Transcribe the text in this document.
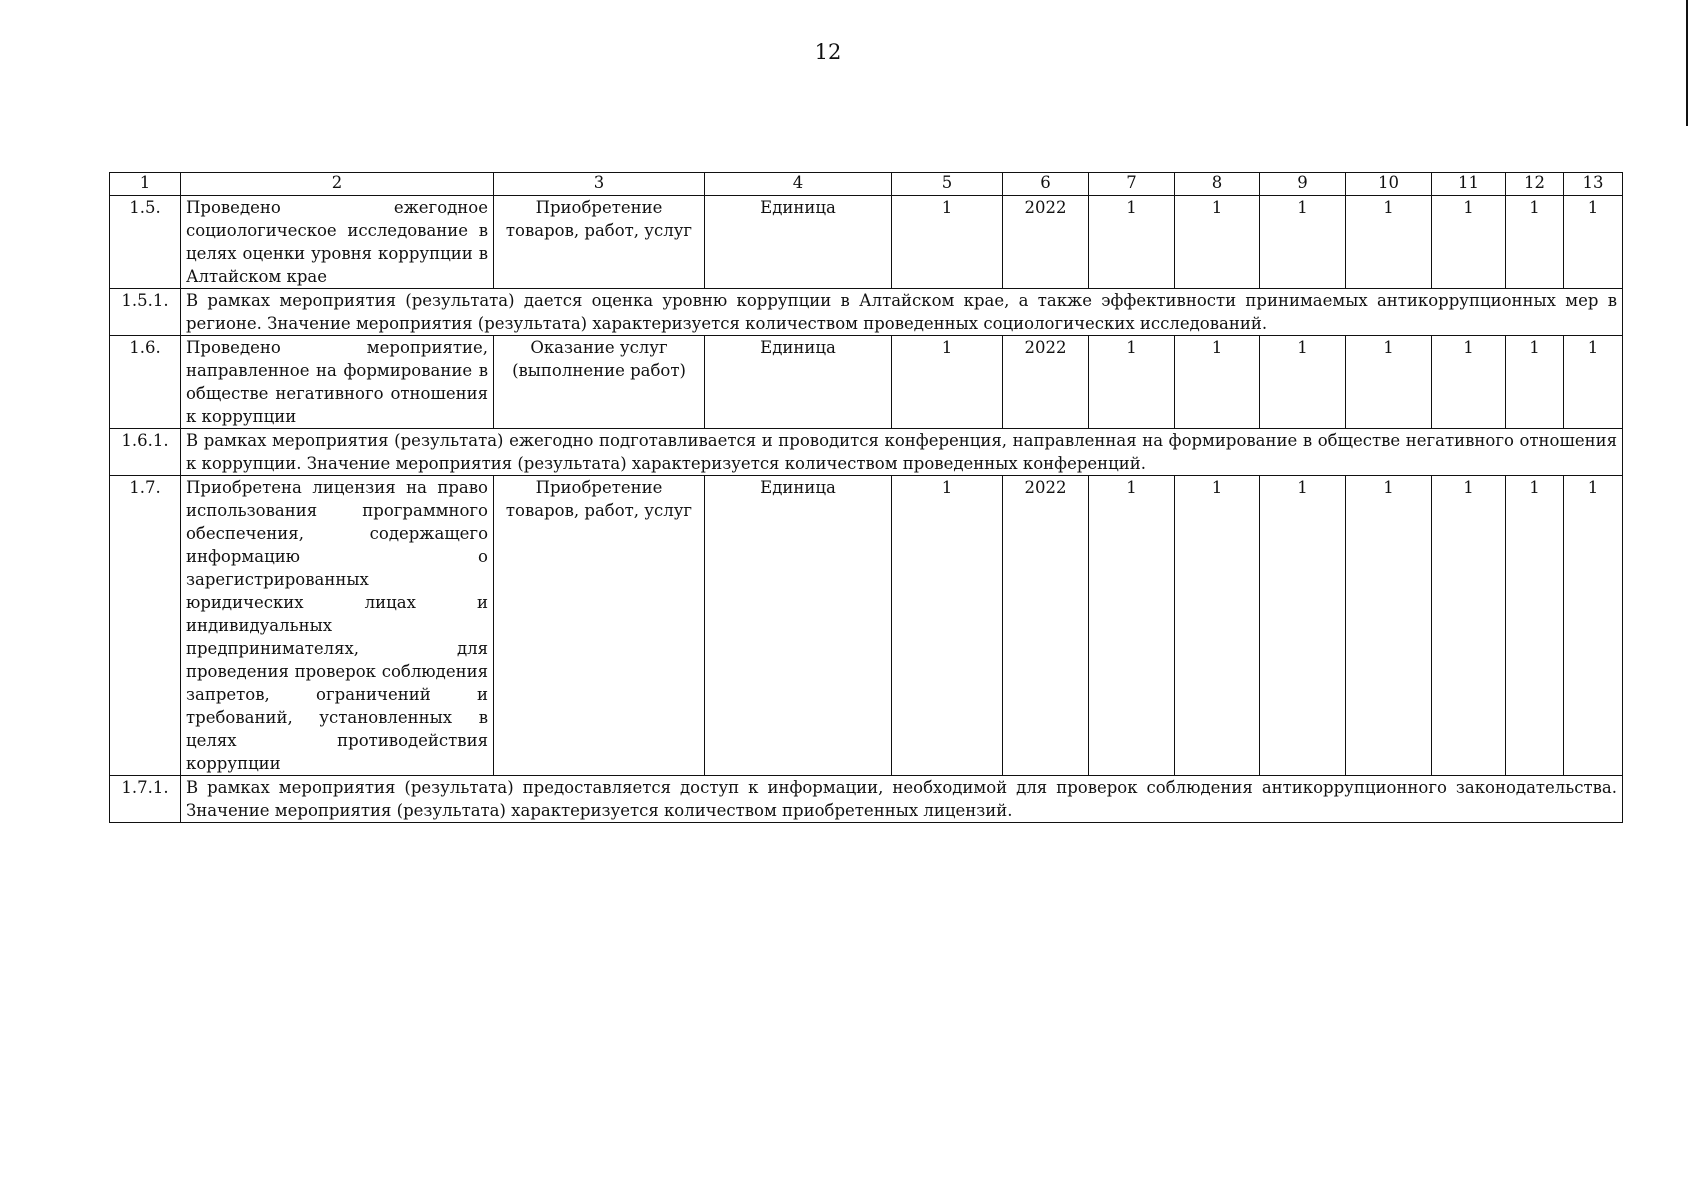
12
1	2	3	4	5	6	7	8	9	10	11	12	13
1.5.	Проведено ежегодное социологическое исследование в целях оценки уровня коррупции в Алтайском крае	Приобретение товаров, работ, услуг	Единица	1	2022	1	1	1	1	1	1	1
1.5.1.	В рамках мероприятия (результата) дается оценка уровню коррупции в Алтайском крае, а также эффективности принимаемых антикоррупционных мер в регионе. Значение мероприятия (результата) характеризуется количеством проведенных социологических исследований.											
1.6.	Проведено мероприятие, направленное на формирование в обществе негативного отношения к коррупции	Оказание услуг (выполнение работ)	Единица	1	2022	1	1	1	1	1	1	1
1.6.1.	В рамках мероприятия (результата) ежегодно подготавливается и проводится конференция, направленная на формирование в обществе негативного отношения к коррупции. Значение мероприятия (результата) характеризуется количеством проведенных конференций.											
1.7.	Приобретена лицензия на право использования программного обеспечения, содержащего информацию о зарегистрированных юридических лицах и индивидуальных предпринимателях, для проведения проверок соблюдения запретов, ограничений и требований, установленных в целях противодействия коррупции	Приобретение товаров, работ, услуг	Единица	1	2022	1	1	1	1	1	1	1
1.7.1.	В рамках мероприятия (результата) предоставляется доступ к информации, необходимой для проверок соблюдения антикоррупционного законодательства. Значение мероприятия (результата) характеризуется количеством приобретенных лицензий.											
